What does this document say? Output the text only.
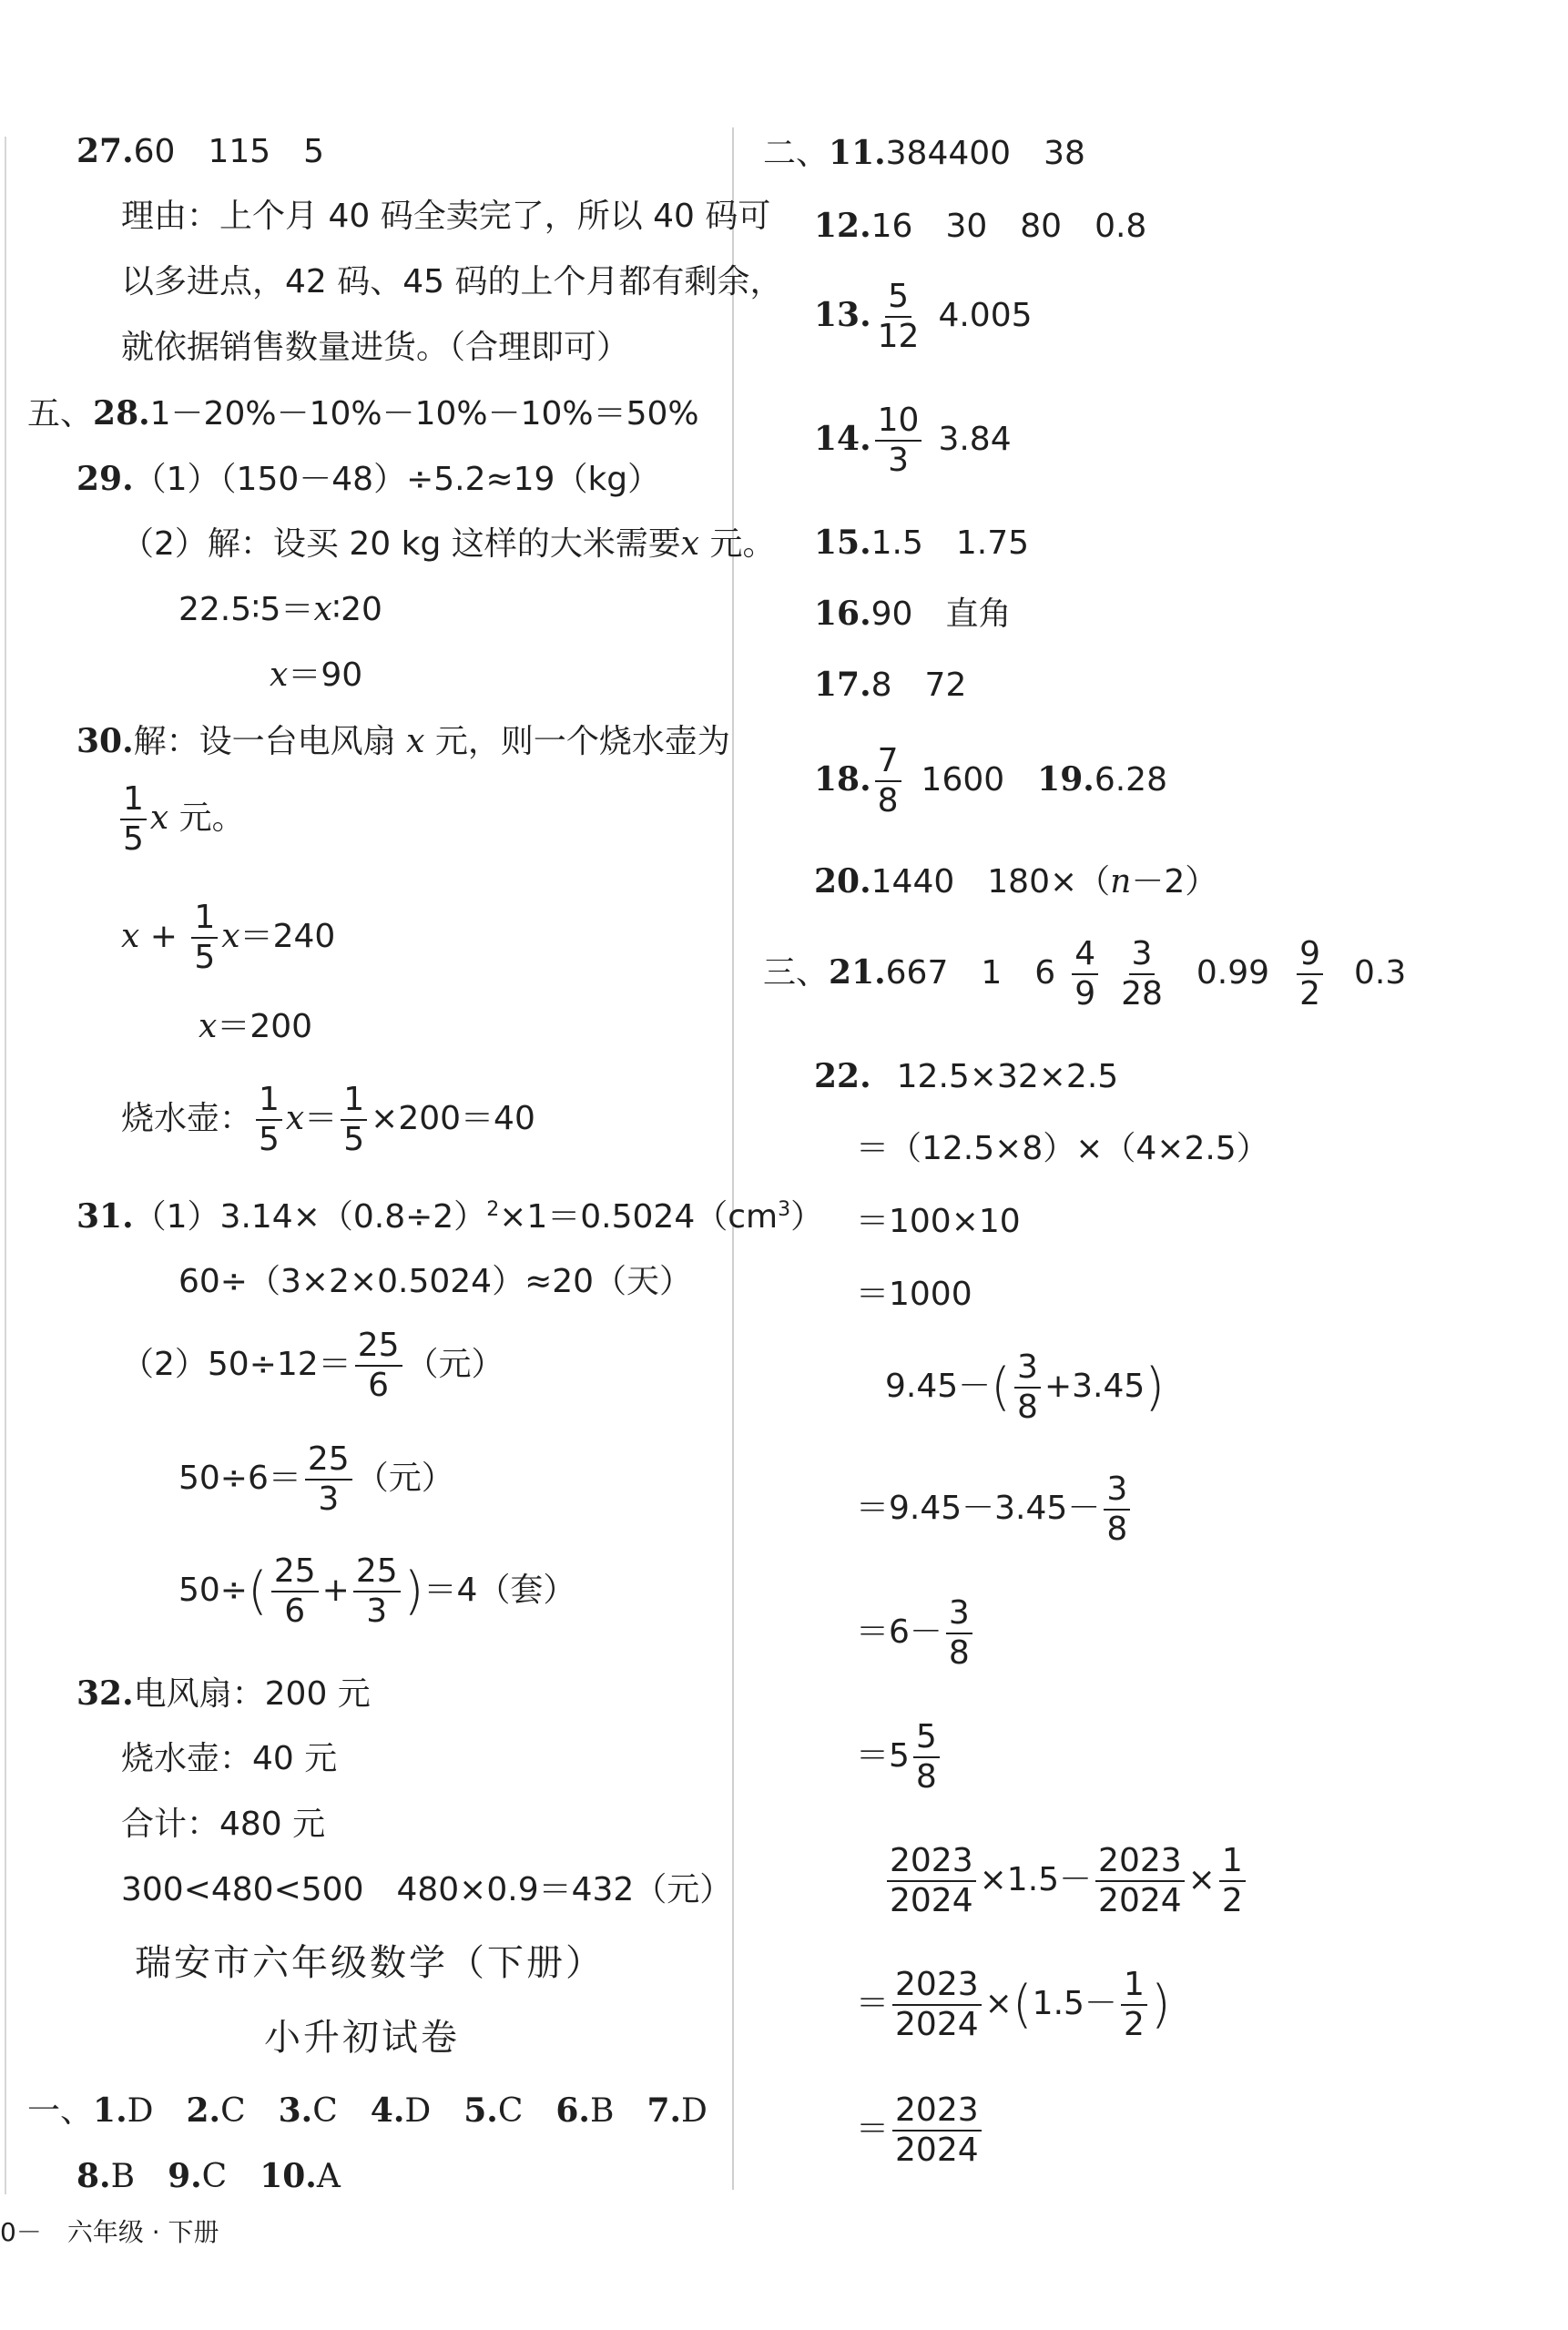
27.60　115　5
理由：上个月 40 码全卖完了，所以 40 码可
以多进点，42 码、45 码的上个月都有剩余，
就依据销售数量进货。（合理即可）
五、28.1－20%－10%－10%－10%＝50%
29.（1）（150－48）÷5.2≈19（kg）
（2）解：设买 20 kg 这样的大米需要x 元。
22.5∶5＝x∶20
x＝90
30.解：设一台电风扇 x 元，则一个烧水壶为
$\frac{1}{5}$ x 元。
$x + \frac{1}{5} x=240$
x＝200
烧水壶： $\frac{1}{5} x= \frac{1}{5} \times 200=40$
$31.(1)3.14\times(0.8\div 2)^2\times 1=0.5024(cm^3)$
60÷（3×2×0.5024）≈20（天）
$(2)50\div 12= \frac{25}{6}$ （元）
$50\div 6= \frac{25}{3}$ （元）
$50\div( \frac{25}{6} + \frac{25}{3} )=4$（套）
32.电风扇：200 元
烧水壶：40 元
合计：480 元
300<480<500　480×0.9＝432（元）
瑞安市六年级数学（下册）
小升初试卷
一、1.D 2.C 3.C 4.D 5.C 6.B 7.D
8.B 9.C 10.A
0－　六年级 · 下册
二、11.384400　38
12.16　30　80　0.8
13. $\frac{5}{12} 4.005$
14. $\frac{10}{3} 3.84$
15.1.5　1.75
16.90　直角
17.8　72
18. $\frac{7}{8} 1600$ 19.6.28
20.1440　180×（n－2）
三、21.667　1　$6 \frac{4}{9} \frac{3}{28} 0.99 \frac{9}{2} 0.3$
22. 12.5×32×2.5
＝（12.5×8）×（4×2.5）
＝100×10
＝1000
$9.45-( \frac{3}{8} +3.45)$
$=9.45-3.45- \frac{3}{8}$
$=6- \frac{3}{8}$
$=5 \frac{5}{8}$
$\frac{2023}{2024} \times 1.5- \frac{2023}{2024} \times \frac{1}{2}$
＝ $\frac{2023}{2024} \times(1.5- \frac{1}{2}$ )
＝ $\frac{2023}{2024}$
